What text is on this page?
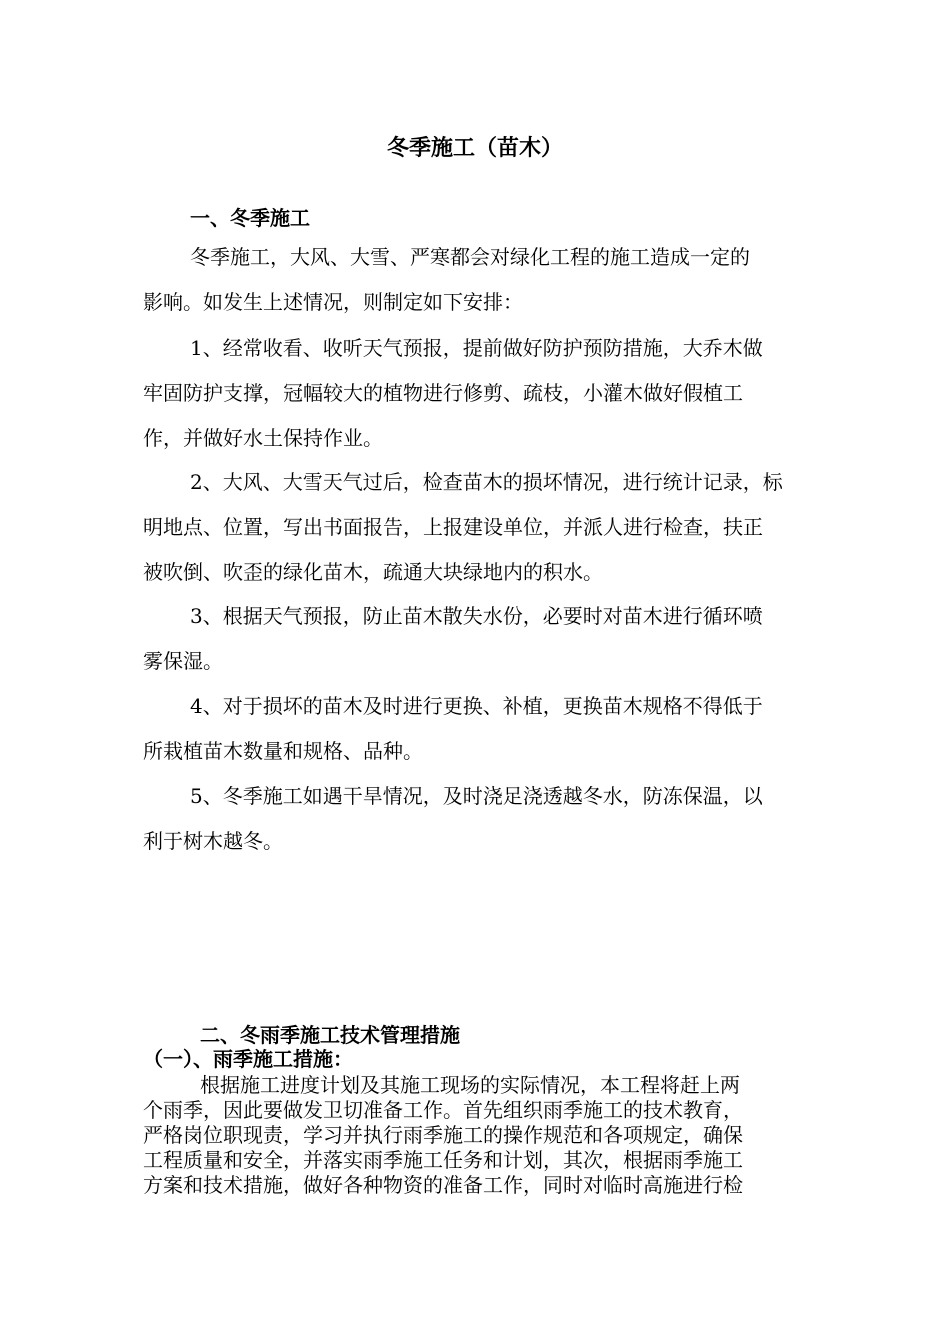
冬季施工（苗木）
一、冬季施工
冬季施工，大风、大雪、严寒都会对绿化工程的施工造成一定的
影响。如发生上述情况，则制定如下安排：
1、经常收看、收听天气预报，提前做好防护预防措施，大乔木做
牢固防护支撑，冠幅较大的植物进行修剪、疏枝，小灌木做好假植工
作，并做好水土保持作业。
2、大风、大雪天气过后，检查苗木的损坏情况，进行统计记录，标
明地点、位置，写出书面报告，上报建设单位，并派人进行检查，扶正
被吹倒、吹歪的绿化苗木，疏通大块绿地内的积水。
3、根据天气预报，防止苗木散失水份，必要时对苗木进行循环喷
雾保湿。
4、对于损坏的苗木及时进行更换、补植，更换苗木规格不得低于
所栽植苗木数量和规格、品种。
5、冬季施工如遇干旱情况，及时浇足浇透越冬水，防冻保温，以
利于树木越冬。
二、冬雨季施工技术管理措施
（一）、雨季施工措施：
根据施工进度计划及其施工现场的实际情况，本工程将赶上两
个雨季，因此要做发卫切准备工作。首先组织雨季施工的技术教育，
严格岗位职现责，学习并执行雨季施工的操作规范和各项规定，确保
工程质量和安全，并落实雨季施工任务和计划，其次，根据雨季施工
方案和技术措施，做好各种物资的准备工作，同时对临时高施进行检
